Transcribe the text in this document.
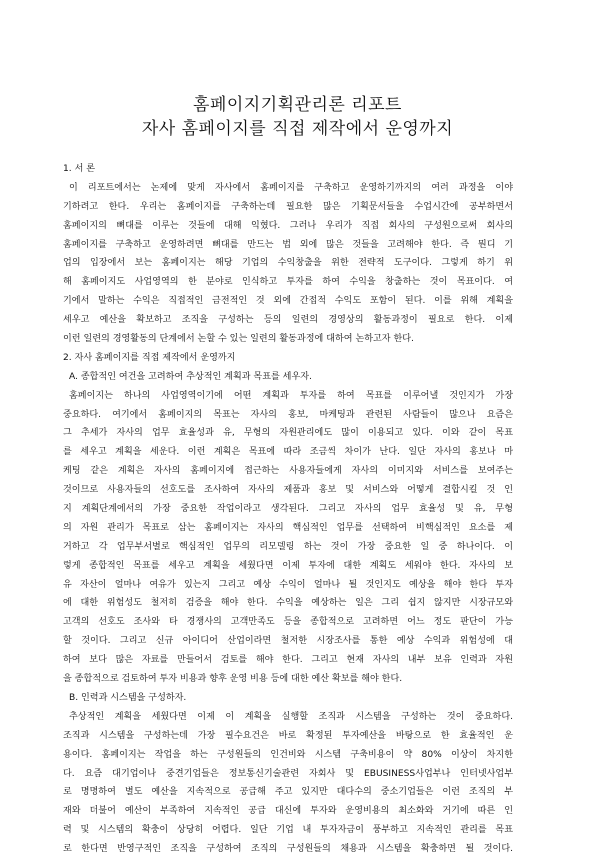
홈페이지기획관리론 리포트
자사 홈페이지를 직접 제작에서 운영까지
1. 서 론
이 리포트에서는 논제에 맞게 자사에서 홈페이지를 구축하고 운영하기까지의 여러 과정을 이야
기하려고 한다. 우리는 홈페이지를 구축하는데 필요한 많은 기획문서들을 수업시간에 공부하면서
홈페이지의 뼈대를 이루는 것들에 대해 익혔다. 그러나 우리가 직접 회사의 구성원으로써 회사의
홈페이지를 구축하고 운영하려면 뼈대를 만드는 법 외에 많은 것들을 고려해야 한다. 즉 뭔디 기
업의 입장에서 보는 홈페이지는 해당 기업의 수익창출을 위한 전략적 도구이다. 그렇게 하기 위
해 홈페이지도 사업영역의 한 분야로 인식하고 투자를 하여 수익을 창출하는 것이 목표이다. 여
기에서 말하는 수익은 직접적인 금전적인 것 외에 간접적 수익도 포함이 된다. 이를 위해 계획을
세우고 예산을 확보하고 조직을 구성하는 등의 일련의 경영상의 활동과정이 필요로 한다. 이제
이런 일련의 경영활동의 단계에서 논할 수 있는 일련의 활동과정에 대하여 논하고자 한다.
2. 자사 홈페이지를 직접 제작에서 운영까지
A. 종합적인 여건을 고려하여 추상적인 계획과 목표를 세우자.
홈페이지는 하나의 사업영역이기에 어떤 계획과 투자를 하여 목표를 이루어낼 것인지가 가장
중요하다. 여기에서 홈페이지의 목표는 자사의 홍보, 마케팅과 관련된 사람들이 많으나 요즘은
그 추세가 자사의 업무 효율성과 유, 무형의 자원관리에도 많이 이용되고 있다. 이와 같이 목표
를 세우고 계획을 세운다. 이런 계획은 목표에 따라 조금씩 차이가 난다. 일단 자사의 홍보나 마
케팅 같은 계획은 자사의 홈페이지에 접근하는 사용자들에게 자사의 이미지와 서비스를 보여주는
것이므로 사용자들의 선호도를 조사하여 자사의 제품과 홍보 및 서비스와 어떻게 결합시킬 것 인
지 계획단계에서의 가장 중요한 작업이라고 생각된다. 그리고 자사의 업무 효율성 및 유, 무형
의 자원 관리가 목표로 삼는 홈페이지는 자사의 핵심적인 업무를 선택하여 비핵심적인 요소를 제
거하고 각 업무부서별로 핵심적인 업무의 리모델링 하는 것이 가장 중요한 일 중 하나이다. 이
렇게 종합적인 목표를 세우고 계획을 세웠다면 이제 투자에 대한 계획도 세워야 한다. 자사의 보
유 자산이 얼마나 여유가 있는지 그리고 예상 수익이 얼마나 될 것인지도 예상을 해야 한다 투자
에 대한 위험성도 철저히 검증을 해야 한다. 수익을 예상하는 일은 그리 쉽지 않지만 시장규모와
고객의 선호도 조사와 타 경쟁사의 고객만족도 등을 종합적으로 고려하면 어느 정도 판단이 가능
할 것이다. 그리고 신규 아이디어 산업이라면 철저한 시장조사를 통한 예상 수익과 위험성에 대
하여 보다 많은 자료를 만들어서 검토를 해야 한다. 그리고 현재 자사의 내부 보유 인력과 자원
을 종합적으로 검토하여 투자 비용과 향후 운영 비용 등에 대한 예산 확보를 해야 한다.
B. 인력과 시스템을 구성하자.
추상적인 계획을 세웠다면 이제 이 계획을 실행할 조직과 시스템을 구성하는 것이 중요하다.
조직과 시스템을 구성하는데 가장 필수요건은 바로 확정된 투자예산을 바탕으로 한 효율적인 운
용이다. 홈페이지는 작업을 하는 구성원들의 인건비와 시스템 구축비용이 약 80% 이상이 차지한
다. 요즘 대기업이나 중견기업들은 정보통신기술관련 자회사 및 EBUSINESS사업부나 인터넷사업부
로 명명하여 별도 예산을 지속적으로 공급해 주고 있지만 대다수의 중소기업들은 이런 조직의 부
재와 더불어 예산이 부족하여 지속적인 공급 대신에 투자와 운영비용의 최소화와 거기에 따른 인
력 및 시스템의 확충이 상당히 어렵다. 일단 기업 내 투자자금이 풍부하고 지속적인 관리를 목표
로 한다면 반영구적인 조직을 구성하여 조직의 구성원들의 채용과 시스템을 확충하면 될 것이다.
